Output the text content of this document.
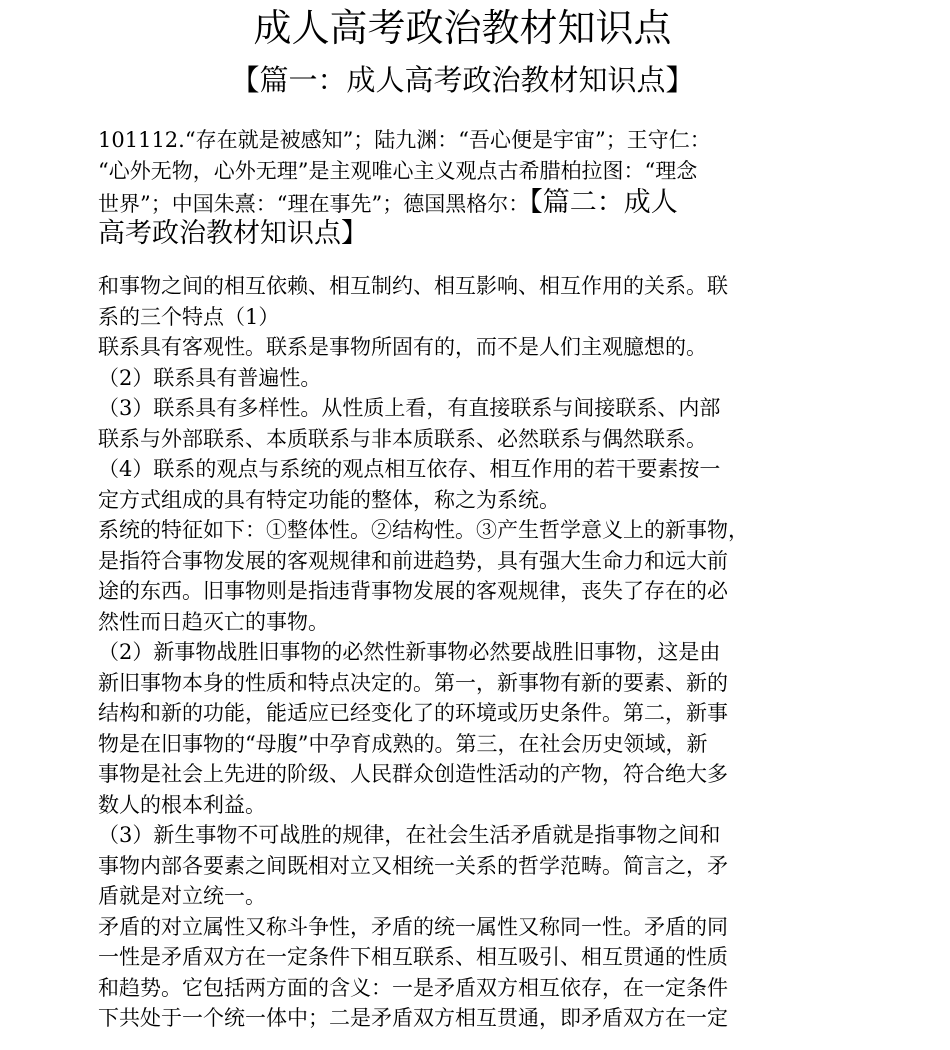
成人高考政治教材知识点
【篇一：成人高考政治教材知识点】
101112.“存在就是被感知”；陆九渊：“吾心便是宇宙”；王守仁：
“心外无物，心外无理”是主观唯心主义观点古希腊柏拉图：“理念
世界”；中国朱熹：“理在事先”；德国黑格尔：【篇二：成人
高考政治教材知识点】
和事物之间的相互依赖、相互制约、相互影响、相互作用的关系。联
系的三个特点（1）
联系具有客观性。联系是事物所固有的，而不是人们主观臆想的。
（2）联系具有普遍性。
（3）联系具有多样性。从性质上看，有直接联系与间接联系、内部
联系与外部联系、本质联系与非本质联系、必然联系与偶然联系。
（4）联系的观点与系统的观点相互依存、相互作用的若干要素按一
定方式组成的具有特定功能的整体，称之为系统。
系统的特征如下：①整体性。②结构性。③产生哲学意义上的新事物，
是指符合事物发展的客观规律和前进趋势，具有强大生命力和远大前
途的东西。旧事物则是指违背事物发展的客观规律，丧失了存在的必
然性而日趋灭亡的事物。
（2）新事物战胜旧事物的必然性新事物必然要战胜旧事物，这是由
新旧事物本身的性质和特点决定的。第一，新事物有新的要素、新的
结构和新的功能，能适应已经变化了的环境或历史条件。第二，新事
物是在旧事物的“母腹”中孕育成熟的。第三，在社会历史领域，新
事物是社会上先进的阶级、人民群众创造性活动的产物，符合绝大多
数人的根本利益。
（3）新生事物不可战胜的规律，在社会生活矛盾就是指事物之间和
事物内部各要素之间既相对立又相统一关系的哲学范畴。简言之，矛
盾就是对立统一。
矛盾的对立属性又称斗争性，矛盾的统一属性又称同一性。矛盾的同
一性是矛盾双方在一定条件下相互联系、相互吸引、相互贯通的性质
和趋势。它包括两方面的含义：一是矛盾双方相互依存，在一定条件
下共处于一个统一体中；二是矛盾双方相互贯通，即矛盾双方在一定
